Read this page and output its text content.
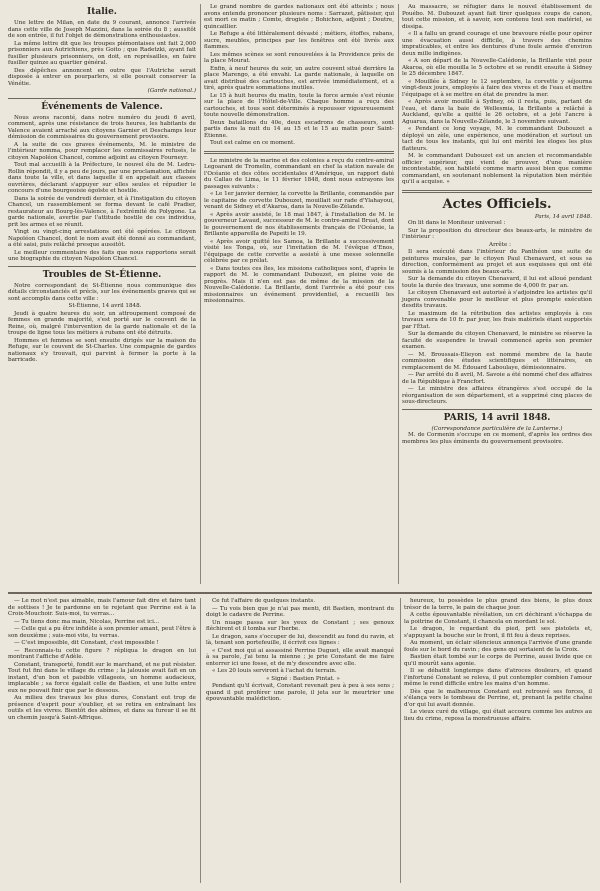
Italie.

Une lettre de Milan, en date du 9 courant, annonce l'arrivée dans cette ville de Joseph Mazzini, dans la soirée du 8 ; aussitôt de son entrée, il fut l'objet de démonstrations enthousiastes.

La même lettre dit que les troupes piémontaises ont fait 2,000 prisonniers aux Autrichiens, près Goito ; que Radetzki, ayant fait fusiller plusieurs prisonniers, on doit, en représailles, en faire fusiller quinze au quartier général.

Des dépêches annoncent en outre que l'Autriche serait disposée à entrer en pourparlers, si elle pouvait conserver la Vénétie.

(Garde national.)
Événements de Valence.

Nous avons raconté, dans notre numéro du jeudi 6 avril, comment, après une résistance de trois heures, les habitants de Valence avaient arraché aux citoyens Garnier et Deschamps leur démission de commissaires du gouvernement provisoire.

A la suite de ces graves événements, M. le ministre de l'intérieur nomma, pour remplacer les commissaires refusés, le citoyen Napoléon Chancel, comme adjoint au citoyen Fourneyr.

Tout mal accueilli à la Préfecture, le nouvel élu de M. Ledru-Rollin répondit, il y a peu de jours, par une proclamation, affichée dans toute la ville, et dans laquelle il en appelait aux classes ouvrières, déclarant s'appuyer sur elles seules et répudier le concours d'une bourgeoisie égoïste et hostile.

Dans la soirée de vendredi dernier, et à l'instigation du citoyen Chancel, un rassemblement se forma devant le café Pradier, restaurateur au Bourg-lès-Valence, à l'extrémité du Polygone. La garde nationale, avertie par l'attitude hostile de ces individus, prit les armes et se réunit.

Vingt ou vingt-cinq arrestations ont été opérées. Le citoyen Napoléon Chancel, dont le nom avait été donné au commandant, a été saisi, puis relâché presque aussitôt.

Le meilleur commentaire des faits que nous rapportons serait une biographie du citoyen Napoléon Chancel.

Troubles de St-Étienne.

Notre correspondant de St-Étienne nous communique des détails circonstanciés et précis, sur les événements graves qui se sont accomplis dans cette ville :

St-Étienne, 14 avril 1848.

Jeudi à quatre heures du soir, un attroupement composé de femmes en grande majorité, s'est porté sur le couvent de la Reine, où, malgré l'intervention de la garde nationale et de la troupe de ligne tous les métiers à rubans ont été détruits.

Hommes et femmes se sont ensuite dirigés sur la maison du Refuge, sur le couvent de St-Charles. Une compagnie de gardes nationaux s'y trouvait, qui parvint à fermer la porte à la barricade.

Le grand nombre de gardes nationaux ont été atteints ; nous avons entendu prononcer plusieurs noms : Sarrazet, pâtissier, qui est mort ce matin ; Comte, drogiste ; Bohichon, adjoint ; Doutre, quincaillier.

Le Refuge a été littéralement dévasté ; métiers, étoffes, rabans, sucre, meubles, principes par les fenêtres ont été livrés aux flammes.

Les mêmes scènes se sont renouvelées à la Providence près de la place Mourat.

Enfin, à neuf heures du soir, un autre couvent situé derrière la place Marengo, a été envahi. La garde nationale, à laquelle on avait distribué des cartouches, est arrivée immédiatement, et a tiré, après quatre sommations inutiles.

Le 15 à huit heures du matin, toute la force armée s'est réunie sur la place de l'Hôtel-de-Ville. Chaque homme a reçu des cartouches, et tous sont déterminés à repousser vigoureusement toute nouvelle démonstration.

Deux bataillons du 40e, deux escadrons de chasseurs, sont partis dans la nuit du 14 au 15 et le 15 au matin pour Saint-Étienne.

Tout est calme en ce moment.

Le ministre de la marine et des colonies a reçu du contre-amiral Legoarant de Tromelin, commandant en chef la station navale de l'Océanie et des côtes occidentales d'Amérique, un rapport daté du Callao de Lima, le 11 février 1848, dont nous extrayons les passages suivants :

« Le 1er janvier dernier, la corvette la Brillante, commandée par le capitaine de corvette Dubouzet, mouillait sur rade d'Ylahayoui, venant de Sidney et d'Akaroa, dans la Nouvelle-Zélande.

« Après avoir assisté, le 18 mai 1847, à l'installation de M. le gouverneur Lavaud, successeur de M. le contre-amiral Bruat, dont le gouvernement de nos établissements français de l'Océanie, la Brillante appareilla de Papeiti le 19.

« Après avoir quitté les Samoa, la Brillante a successivement visité les Tonga, où, sur l'invitation de M. l'évêque d'Enos, l'équipage de cette corvette a assisté à une messe solennelle célébrée par ce prélat.

« Dans toutes ces îles, les missions catholiques sont, d'après le rapport de M. le commandant Dubouzet, en pleine voie de progrès. Mais il n'en est pas de même de la mission de la Nouvelle-Calédonie. La Brillante, dont l'arrivée a été pour ces missionnaires un événement providentiel, a recueilli les missionnaires.

Au massacre, se réfugier dans le nouvel établissement de Pouébo. M. Dubouzet ayant fait tirer quelques coups de canon, tout cette mission, et à savoir, son contenu tout son matériel, se dissipa.

« Il a fallu un grand courage et une bravoure réelle pour opérer une évacuation aussi difficile, à travers des chemins impraticables, et entre les dentures d'une foule armée d'environ deux mille indigènes.

« A son départ de la Nouvelle-Calédonie, la Brillante vint pour Akaroa, où elle mouilla le 5 octobre et se rendit ensuite à Sidney le 25 décembre 1847.

« Mouillée à Sidney le 12 septembre, la corvette y séjourna vingt-deux jours, employés à faire des vivres et de l'eau et mettre l'équipage et à se mettre en état de prendre la mer.

« Après avoir mouillé à Sydney, où il resta, puis, partant de l'eau, et dans la baie de Wellesmia, la Brillante a relâché à Auckland, qu'elle a quitté le 26 octobre, et a jeté l'ancre à Aguarua, dans la Nouvelle-Zélande, le 3 novembre suivant.

« Pendant ce long voyage, M. le commandant Dubouzet a déployé un zèle, une expérience, une modération et surtout un tact de tous les instants, qui lui ont mérité les éloges les plus flatteurs.

M. le commandant Dubouzet est un ancien et recommandable officier supérieur, qui vient de prouver, d'une manière incontestable, son habileté comme marin aussi bien que comme commandant, en soutenant noblement la réputation bien méritée qu'il a acquise. »

Actes Officiels.
Paris, 14 avril 1848.

On lit dans le Moniteur universel :

Sur la proposition du directeur des beaux-arts, le ministre de l'intérieur :

Arrête :

Il sera exécuté dans l'intérieur du Panthéon une suite de peintures murales, par le citoyen Paul Chenavard, et sous sa direction, conformément au projet et aux esquisses qui ont été soumis à la commission des beaux-arts.

Sur la demande du citoyen Chenavard, il lui est alloué pendant toute la durée des travaux, une somme de 4,000 fr. par an.

Le citoyen Chenavard est autorisé à s'adjoindre les artistes qu'il jugera convenable pour le meilleur et plus prompte exécution desdits travaux.

Le maximum de la rétribution des artistes employés à ces travaux sera de 10 fr. par jour, les frais matériels étant supportés par l'État.

Sur la demande du citoyen Chenavard, le ministre se réserve la faculté de suspendre le travail commencé après son premier examen.

— M. Broussais-Elieyon est nommé membre de la haute commission des études scientifiques et littéraires, en remplacement de M. Édouard Laboulaye, démissionnaire.

— Par arrêté du 8 avril, M. Savoie a été nommé chef des affaires de la République à Francfort.

— Le ministre des affaires étrangères s'est occupé de la réorganisation de son département, et a supprimé cinq places de sous-directeurs.

PARIS, 14 avril 1848.
(Correspondance particulière de la Lanterne.)

M. de Cormenin s'occupe en ce moment, d'après les ordres des membres les plus éminents du gouvernement provisoire.

— Le mot n'est pas aimable, mais l'amour fait dire et faire tant de sottises ! Je te pardonne en te rejetant que Perrine est à la Croix-Mouchoir. Suis-moi, tu verras...

— Tu tiens donc ma main, Nicolas, Perrine est ici...

— Celle qui a pu être infidèle à son premier amant, peut l'être à son deuxième ; suis-moi vite, tu verras.

— C'est impossible, dit Constant, c'est impossible !

— Reconnais-tu cette figure ? répliqua le dragon en lui montrant l'affiche d'Adèle.

Constant, transporté, fondit sur le marchand, et ne put résister. Tout fut fini dans le village du crime ; la jalousie avait fait en un instant, d'un bon et paisible villageois, un homme audacieux, implacable ; sa force égalait celle de Bastien, et une lutte entre eux ne pouvait finir que par le dessous.

Au milieu des travaux les plus dures, Constant eut trop de présence d'esprit pour s'oublier, et se retira en entraînant les outils et les vivres. Bientôt des abîmes, et dans sa fureur il se fit un chemin jusqu'à Saint-Affrique.

Ce fut l'affaire de quelques instants.

— Tu vois bien que je n'ai pas menti, dit Bastien, montrant du doigt le cadavre de Perrine.

Un nuage passa sur les yeux de Constant ; ses genoux fléchirent et il tomba sur l'herbe.

Le dragon, sans s'occuper de lui, descendit au fond du ravin, et là, tenant son portefeuille, il écrivit ces lignes :

« C'est moi qui ai assassiné Perrine Duguet, elle avait manqué à sa parole, j'ai tenu la mienne ; je prie Constant de me faire enterrer ici une fosse, et de m'y descendre avec elle.

« Les 20 louis serviront à l'achat du terrain.

« Signé : Bastien Pintat. »

Pendant qu'il écrivait, Constant revenait peu à peu à ses sens ; quand il put proférer une parole, il jeta sur le meurtrier une épouvantable malédiction.

heureux, tu possèdes le plus grand des biens, le plus doux trésor de la terre, le pain de chaque jour.

A cette épouvantable révélation, un cri déchirant s'échappa de la poitrine de Constant, il chancela en mordant le sol.

Le dragon, le regardant du pied, prit ses pistolets et, s'appuyant la bouche sur le front, il fit feu à deux reprises.

Au moment, un éclair silencieux annonça l'arrivée d'une grande foule sur le bord du ravin ; des gens qui sortaient de la Croix.

Bastien était tombé sur le corps de Perrine, aussi livide que ce qu'il mourût sans agonie.

Il se débattit longtemps dans d'atroces douleurs, et quand l'infortuné Constant se releva, il put contempler combien l'amour même le rend difficile entre les mains d'un homme.

Dès que le malheureux Constant eut retrouvé ses forces, il s'élança vers le tombeau de Perrine, et, prenant la petite chaîne d'or qui lui avait donnée.

Le vieux curé du village, qui était accouru comme les autres au lieu du crime, reposa la monstrueuse affaire.
